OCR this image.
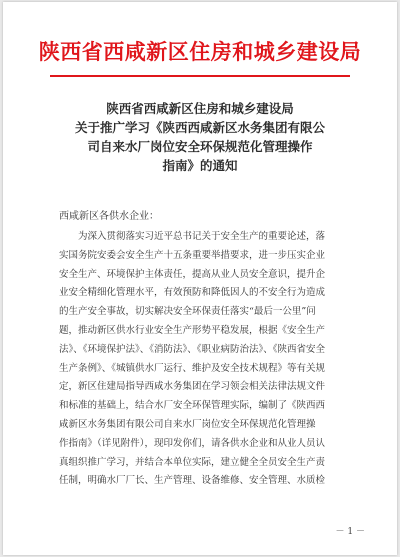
陕西省西咸新区住房和城乡建设局
陕西省西咸新区住房和城乡建设局
关于推广学习《陕西西咸新区水务集团有限公
司自来水厂岗位安全环保规范化管理操作
指南》的通知
西咸新区各供水企业：
为深入贯彻落实习近平总书记关于安全生产的重要论述，落
实国务院安委会安全生产十五条重要举措要求，进一步压实企业
安全生产、环境保护主体责任，提高从业人员安全意识，提升企
业安全精细化管理水平，有效预防和降低因人的不安全行为造成
的生产安全事故，切实解决安全环保责任落实“最后一公里”问
题，推动新区供水行业安全生产形势平稳发展，根据《安全生产
法》、《环境保护法》、《消防法》、《职业病防治法》、《陕西省安全
生产条例》、《城镇供水厂运行、维护及安全技术规程》等有关规
定，新区住建局指导西咸水务集团在学习领会相关法律法规文件
和标准的基础上，结合水厂安全环保管理实际，编制了《陕西西
咸新区水务集团有限公司自来水厂岗位安全环保规范化管理操
作指南》（详见附件），现印发你们，请各供水企业和从业人员认
真组织推广学习，并结合本单位实际，建立健全全员安全生产责
任制，明确水厂厂长、生产管理、设备维修、安全管理、水质检
－ 1 －
